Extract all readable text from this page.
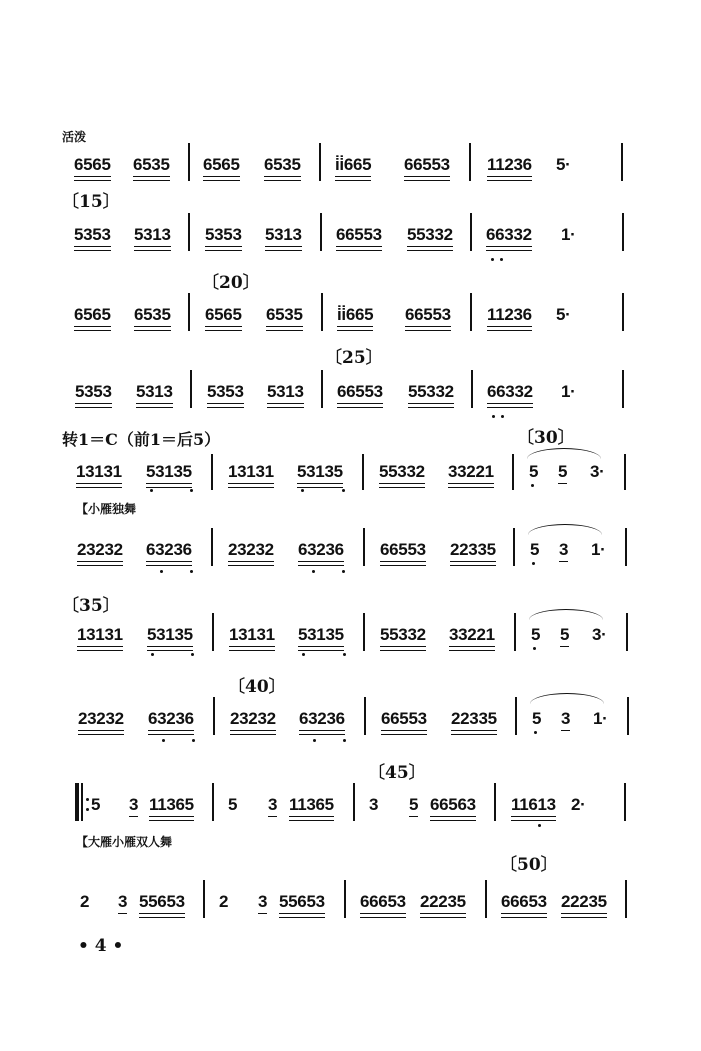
活泼
6565 6535 6565 6535 i̇i̇665 66553 11236 5·
〔15〕
5353 5313 5353 5313 66553 55332 66332 1·
〔20〕
6565 6535 6565 6535 i̇i̇665 66553 11236 5·
〔25〕
5353 5313 5353 5313 66553 55332 66332 1·
转1＝C（前1＝后5）	〔30〕
13131 53135 13131 53135 55332 33221 5 5 3·
【小雁独舞
23232 63236 23232 63236 66553 22335 5 3 1·
〔35〕
13131 53135 13131 53135 55332 33221 5 5 3·
〔40〕
23232 63236 23232 63236 66553 22335 5 3 1·
〔45〕
5 3 11365 5 3 11365 3 5 66563 11613 2·
【大雁小雁双人舞
〔50〕
2 3 55653 2 3 55653 66653 22235 66653 22235
• 4 •
